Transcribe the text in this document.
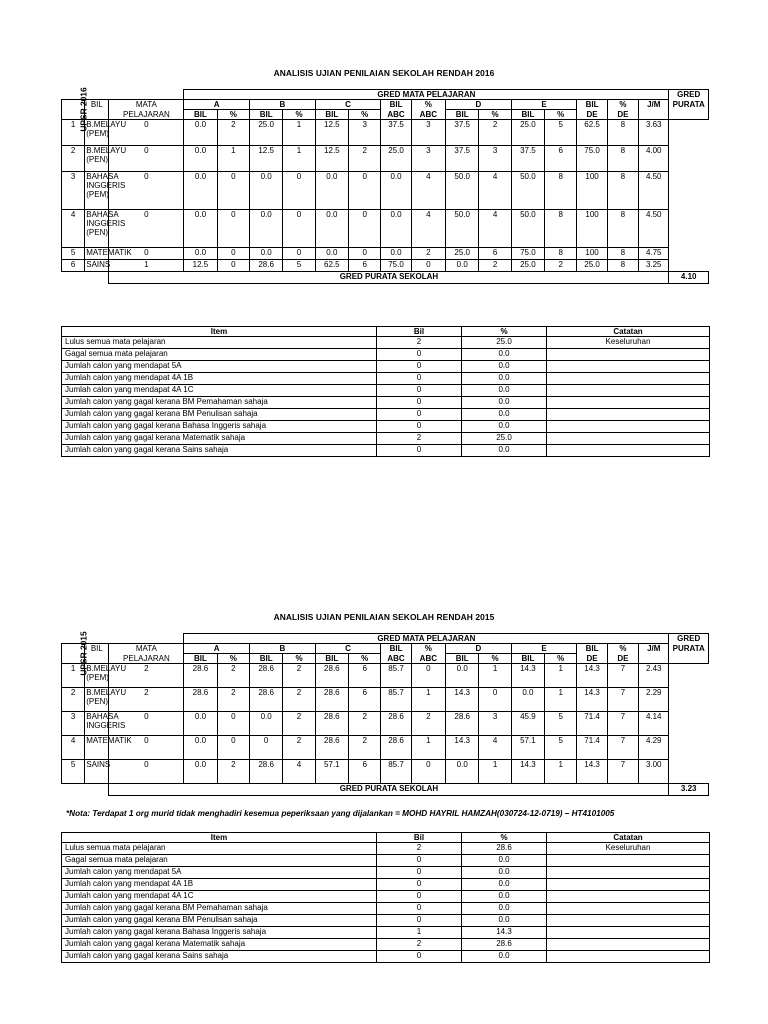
ANALISIS UJIAN PENILAIAN SEKOLAH RENDAH 2016
			GRED MATA PELAJARAN															GRED
UPSR 2016	BIL	MATA	A		B		C		BIL	%	D		E		BIL	%	J/M	PURATA
		PELAJARAN	BIL	%	BIL	%	BIL	%	ABC	ABC	BIL	%	BIL	%	DE	DE		
1	B.MELAYU (PEM)	0	0.0	2	25.0	1	12.5	3	37.5	3	37.5	2	25.0	5	62.5	8	3.63	
2	B.MELAYU (PEN)	0	0.0	1	12.5	1	12.5	2	25.0	3	37.5	3	37.5	6	75.0	8	4.00	
3	BAHASA INGGERIS (PEM)	0	0.0	0	0.0	0	0.0	0	0.0	4	50.0	4	50.0	8	100	8	4.50	
4	BAHASA INGGERIS (PEN)	0	0.0	0	0.0	0	0.0	0	0.0	4	50.0	4	50.0	8	100	8	4.50	
5	MATEMATIK	0	0.0	0	0.0	0	0.0	0	0.0	2	25.0	6	75.0	8	100	8	4.75	
6	SAINS	1	12.5	0	28.6	5	62.5	6	75.0	0	0.0	2	25.0	2	25.0	8	3.25	
		GRED PURATA SEKOLAH																4.10
Item	Bil	%	Catatan
Lulus semua mata pelajaran	2	25.0	Keseluruhan
Gagal semua mata pelajaran	0	0.0	
Jumlah calon yang mendapat 5A	0	0.0	
Jumlah calon yang mendapat 4A 1B	0	0.0	
Jumlah calon yang mendapat 4A 1C	0	0.0	
Jumlah calon yang gagal kerana BM Pemahaman sahaja	0	0.0	
Jumlah calon yang gagal kerana BM Penulisan sahaja	0	0.0	
Jumlah calon yang gagal kerana Bahasa Inggeris sahaja	0	0.0	
Jumlah calon yang gagal kerana Matematik sahaja	2	25.0	
Jumlah calon yang gagal kerana Sains sahaja	0	0.0	
ANALISIS UJIAN PENILAIAN SEKOLAH RENDAH 2015
			GRED MATA PELAJARAN															GRED
UPSR 2015	BIL	MATA	A		B		C		BIL	%	D		E		BIL	%	J/M	PURATA
		PELAJARAN	BIL	%	BIL	%	BIL	%	ABC	ABC	BIL	%	BIL	%	DE	DE		
1	B.MELAYU (PEM)	2	28.6	2	28.6	2	28.6	6	85.7	0	0.0	1	14.3	1	14.3	7	2.43	
2	B.MELAYU (PEN)	2	28.6	2	28.6	2	28.6	6	85.7	1	14.3	0	0.0	1	14.3	7	2.29	
3	BAHASA INGGERIS	0	0.0	0	0.0	2	28.6	2	28.6	2	28.6	3	45.9	5	71.4	7	4.14	
4	MATEMATIK	0	0.0	0	0	2	28.6	2	28.6	1	14.3	4	57.1	5	71.4	7	4.29	
5	SAINS	0	0.0	2	28.6	4	57.1	6	85.7	0	0.0	1	14.3	1	14.3	7	3.00	
		GRED PURATA SEKOLAH																3.23
*Nota: Terdapat 1 org murid tidak menghadiri kesemua peperiksaan yang dijalankan = MOHD HAYRIL HAMZAH(030724-12-0719) – HT4101005
Item	Bil	%	Catatan
Lulus semua mata pelajaran	2	28.6	Keseluruhan
Gagal semua mata pelajaran	0	0.0	
Jumlah calon yang mendapat 5A	0	0.0	
Jumlah calon yang mendapat 4A 1B	0	0.0	
Jumlah calon yang mendapat 4A 1C	0	0.0	
Jumlah calon yang gagal kerana BM Pemahaman sahaja	0	0.0	
Jumlah calon yang gagal kerana BM Penulisan sahaja	0	0.0	
Jumlah calon yang gagal kerana Bahasa Inggeris sahaja	1	14.3	
Jumlah calon yang gagal kerana Matematik sahaja	2	28.6	
Jumlah calon yang gagal kerana Sains sahaja	0	0.0	
